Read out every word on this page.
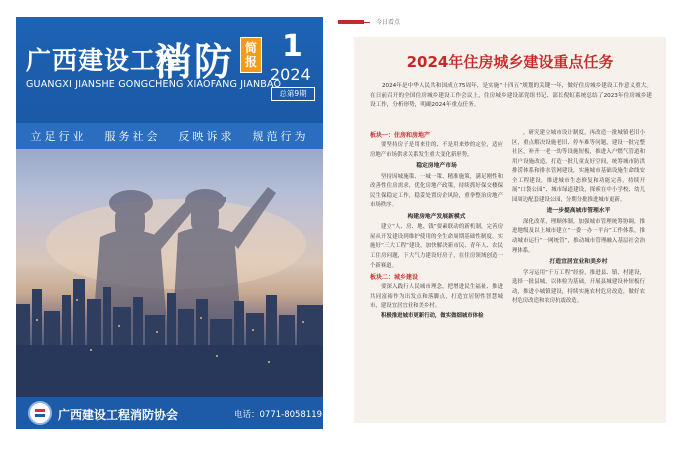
广西建设工程
消防 简
报
GUANGXI JIANSHE GONGCHENG XIAOFANG JIANBAO
1
2024
总第9期
立足行业 服务社会 反映诉求 规范行为
广西建设工程消防协会	电话：0771-8058119
今日看点
2024年住房城乡建设重点任务

2024年是中华人民共和国成立75周年，是实施“十四五”规划的关键一年，做好住房城乡建设工作意义重大。在日前召开的全国住房城乡建设工作会议上，住房城乡建设部党组书记、部长倪虹系统总结了2023年住房城乡建设工作，分析形势，明确2024年重点任务。

板块一：住房和房地产

要坚持房子是用来住的、不是用来炒的定位，适应房地产市场供求关系发生重大变化新形势。

稳定房地产市场

坚持因城施策、一城一策、精准施策，满足刚性和改善性住房需求，优化房地产政策，持续抓好保交楼保民生保稳定工作，稳妥处置房企风险，重拳整治房地产市场秩序。

构建房地产发展新模式

建立“人、房、地、钱”要素联动的新机制，完善房屋从开发建设到维护使用的全生命周期基础性制度。实施好“三大工程”建设，加快解决新市民、青年人、农民工住房问题，下大气力建设好房子，在住房领域创造一个新赛道。

板块二：城乡建设

要深入践行人民城市理念，把增进民生福祉、推进共同富裕作为出发点和落脚点，打造宜居韧性智慧城市，建设宜居宜业和美乡村。

积极推进城市更新行动，做实做细城市体检

，研究建立城市设计制度，再改造一批城镇老旧小区，重点解决设施老旧、停车难等问题，建设一批完整社区，补齐一老一幼等设施短板，推进入户燃气管道和用户设施改造，打造一批儿童友好空间，统筹城市防洪排涝体系和排水管网建设，实施城市基础设施生命线安全工程建设，推进城市生态修复和功能完善，持续开展“口袋公园”、城市绿道建设，探索在中小学校、幼儿园周边配套建设公园，分期分批推进城市更新。

进一步提高城市管理水平

深化改革，理顺体制，加强城市管理统筹协调，推进地级及以上城市建立“一委一办一平台”工作体系，推动城市运行“一网统管”，推动城市管理融入基层社会治理体系。

打造宜居宜业和美乡村

学习运用“千万工程”经验，推进县、镇、村建设，选择一批县城，以体检为基础，开展县城建设补短板行动，推进小城镇建设，持续实施农村危房改造，做好农村危房改造和农房抗震改造。
